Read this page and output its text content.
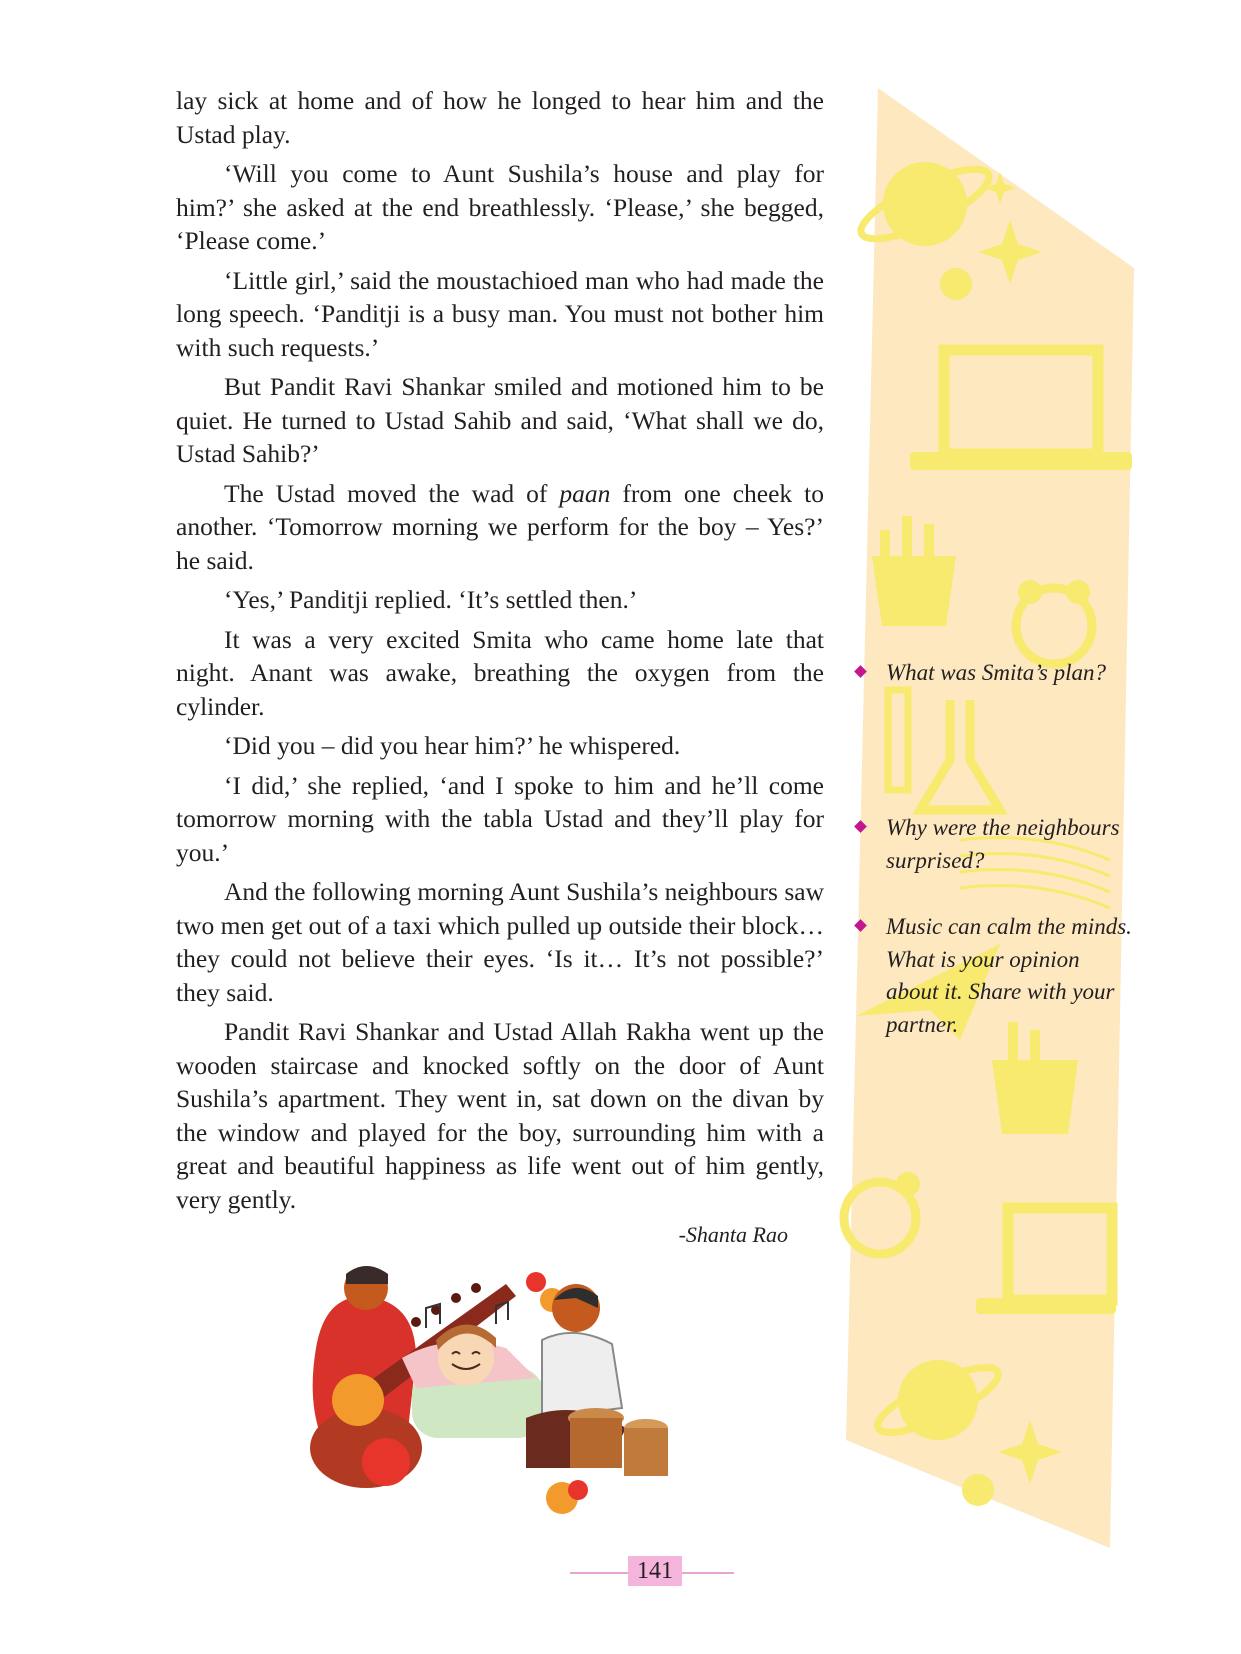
lay sick at home and of how he longed to hear him and the Ustad play.

‘Will you come to Aunt Sushila’s house and play for him?’ she asked at the end breathlessly. ‘Please,’ she begged, ‘Please come.’

‘Little girl,’ said the moustachioed man who had made the long speech. ‘Panditji is a busy man. You must not bother him with such requests.’

But Pandit Ravi Shankar smiled and motioned him to be quiet. He turned to Ustad Sahib and said, ‘What shall we do, Ustad Sahib?’

The Ustad moved the wad of paan from one cheek to another. ‘Tomorrow morning we perform for the boy – Yes?’ he said.

‘Yes,’ Panditji replied. ‘It’s settled then.’

It was a very excited Smita who came home late that night. Anant was awake, breathing the oxygen from the cylinder.

‘Did you – did you hear him?’ he whispered.

‘I did,’ she replied, ‘and I spoke to him and he’ll come tomorrow morning with the tabla Ustad and they’ll play for you.’

And the following morning Aunt Sushila’s neighbours saw two men get out of a taxi which pulled up outside their block… they could not believe their eyes. ‘Is it… It’s not possible?’ they said.

Pandit Ravi Shankar and Ustad Allah Rakha went up the wooden staircase and knocked softly on the door of Aunt Sushila’s apartment. They went in, sat down on the divan by the window and played for the boy, surrounding him with a great and beautiful happiness as life went out of him gently, very gently.

-Shanta Rao
What was Smita’s plan?
Why were the neighbours surprised?
Music can calm the minds. What is your opinion about it. Share with your partner.
141
